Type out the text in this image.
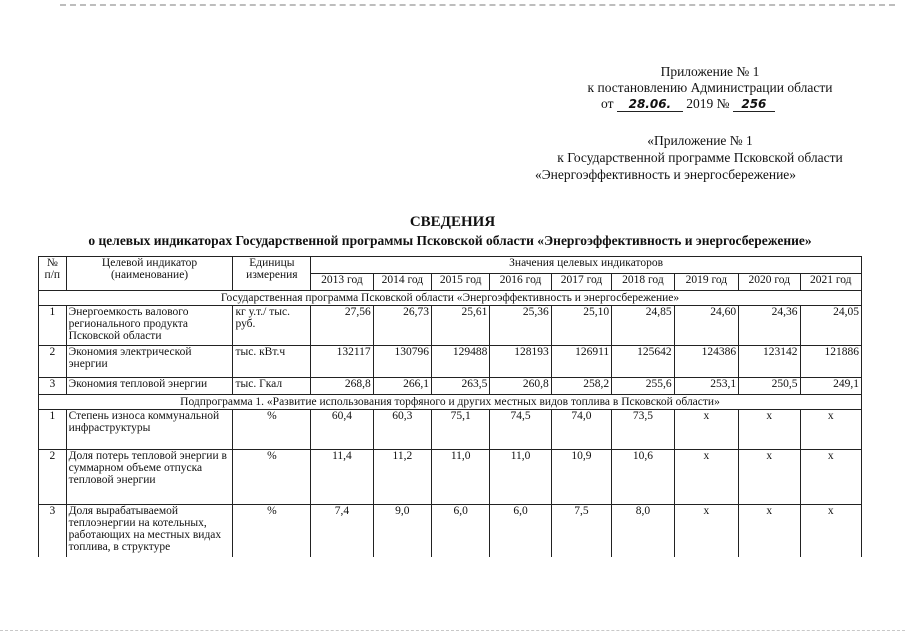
Приложение № 1
к постановлению Администрации области
от 28.06. 2019 № 256
«Приложение № 1
к Государственной программе Псковской области
«Энергоэффективность и энергосбережение»
СВЕДЕНИЯ
о целевых индикаторах Государственной программы Псковской области «Энергоэффективность и энергосбережение»
№ п/п	Целевой индикатор (наименование)	Единицы измерения	Значения целевых индикаторов								
			2013 год	2014 год	2015 год	2016 год	2017 год	2018 год	2019 год	2020 год	2021 год
Государственная программа Псковской области «Энергоэффективность и энергосбережение»											
1	Энергоемкость валового регионального продукта Псковской области	кг у.т./ тыс. руб.	27,56	26,73	25,61	25,36	25,10	24,85	24,60	24,36	24,05
2	Экономия электрической энергии	тыс. кВт.ч	132117	130796	129488	128193	126911	125642	124386	123142	121886
3	Экономия тепловой энергии	тыс. Гкал	268,8	266,1	263,5	260,8	258,2	255,6	253,1	250,5	249,1
Подпрограмма 1. «Развитие использования торфяного и других местных видов топлива в Псковской области»											
1	Степень износа коммунальной инфраструктуры	%	60,4	60,3	75,1	74,5	74,0	73,5	x	x	x
2	Доля потерь тепловой энергии в суммарном объеме отпуска тепловой энергии	%	11,4	11,2	11,0	11,0	10,9	10,6	x	x	x
3	Доля вырабатываемой теплоэнергии на котельных, работающих на местных видах топлива, в структуре	%	7,4	9,0	6,0	6,0	7,5	8,0	x	x	x
